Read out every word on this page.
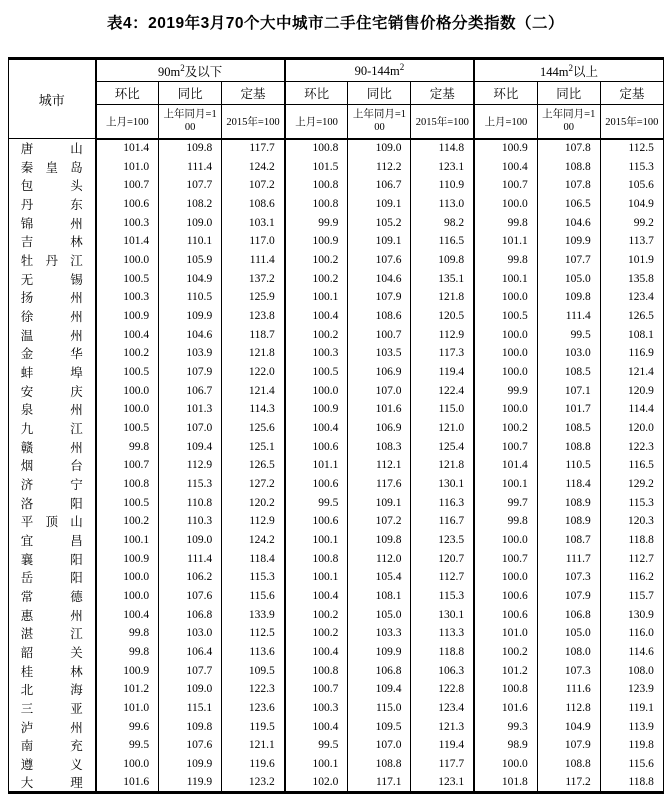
表4：2019年3月70个大中城市二手住宅销售价格分类指数（二）
城市	$90m^2$及以下			$90-144m^2$			$144m^2$以上		
	环比	同比	定基	环比	同比	定基	环比	同比	定基

	上月=100	上年同月=100	2015年=100	上月=100	上年同月=100	2015年=100	上月=100	上年同月=100	2015年=100

唐山	101.4	109.8	117.7	100.8	109.0	114.8	100.9	107.8	112.5
秦皇岛	101.0	111.4	124.2	101.5	112.2	123.1	100.4	108.8	115.3
包头	100.7	107.7	107.2	100.8	106.7	110.9	100.7	107.8	105.6
丹东	100.6	108.2	108.6	100.8	109.1	113.0	100.0	106.5	104.9
锦州	100.3	109.0	103.1	99.9	105.2	98.2	99.8	104.6	99.2
吉林	101.4	110.1	117.0	100.9	109.1	116.5	101.1	109.9	113.7
牡丹江	100.0	105.9	111.4	100.2	107.6	109.8	99.8	107.7	101.9
无锡	100.5	104.9	137.2	100.2	104.6	135.1	100.1	105.0	135.8
扬州	100.3	110.5	125.9	100.1	107.9	121.8	100.0	109.8	123.4
徐州	100.9	109.9	123.8	100.4	108.6	120.5	100.5	111.4	126.5
温州	100.4	104.6	118.7	100.2	100.7	112.9	100.0	99.5	108.1
金华	100.2	103.9	121.8	100.3	103.5	117.3	100.0	103.0	116.9
蚌埠	100.5	107.9	122.0	100.5	106.9	119.4	100.0	108.5	121.4
安庆	100.0	106.7	121.4	100.0	107.0	122.4	99.9	107.1	120.9
泉州	100.0	101.3	114.3	100.9	101.6	115.0	100.0	101.7	114.4
九江	100.5	107.0	125.6	100.4	106.9	121.0	100.2	108.5	120.0
赣州	99.8	109.4	125.1	100.6	108.3	125.4	100.7	108.8	122.3
烟台	100.7	112.9	126.5	101.1	112.1	121.8	101.4	110.5	116.5
济宁	100.8	115.3	127.2	100.6	117.6	130.1	100.1	118.4	129.2
洛阳	100.5	110.8	120.2	99.5	109.1	116.3	99.7	108.9	115.3
平顶山	100.2	110.3	112.9	100.6	107.2	116.7	99.8	108.9	120.3
宜昌	100.1	109.0	124.2	100.1	109.8	123.5	100.0	108.7	118.8
襄阳	100.9	111.4	118.4	100.8	112.0	120.7	100.7	111.7	112.7
岳阳	100.0	106.2	115.3	100.1	105.4	112.7	100.0	107.3	116.2
常德	100.0	107.6	115.6	100.4	108.1	115.3	100.6	107.9	115.7
惠州	100.4	106.8	133.9	100.2	105.0	130.1	100.6	106.8	130.9
湛江	99.8	103.0	112.5	100.2	103.3	113.3	101.0	105.0	116.0
韶关	99.8	106.4	113.6	100.4	109.9	118.8	100.2	108.0	114.6
桂林	100.9	107.7	109.5	100.8	106.8	106.3	101.2	107.3	108.0
北海	101.2	109.0	122.3	100.7	109.4	122.8	100.8	111.6	123.9
三亚	101.0	115.1	123.6	100.3	115.0	123.4	101.6	112.8	119.1
泸州	99.6	109.8	119.5	100.4	109.5	121.3	99.3	104.9	113.9
南充	99.5	107.6	121.1	99.5	107.0	119.4	98.9	107.9	119.8
遵义	100.0	109.9	119.6	100.1	108.8	117.7	100.0	108.8	115.6
大理	101.6	119.9	123.2	102.0	117.1	123.1	101.8	117.2	118.8
